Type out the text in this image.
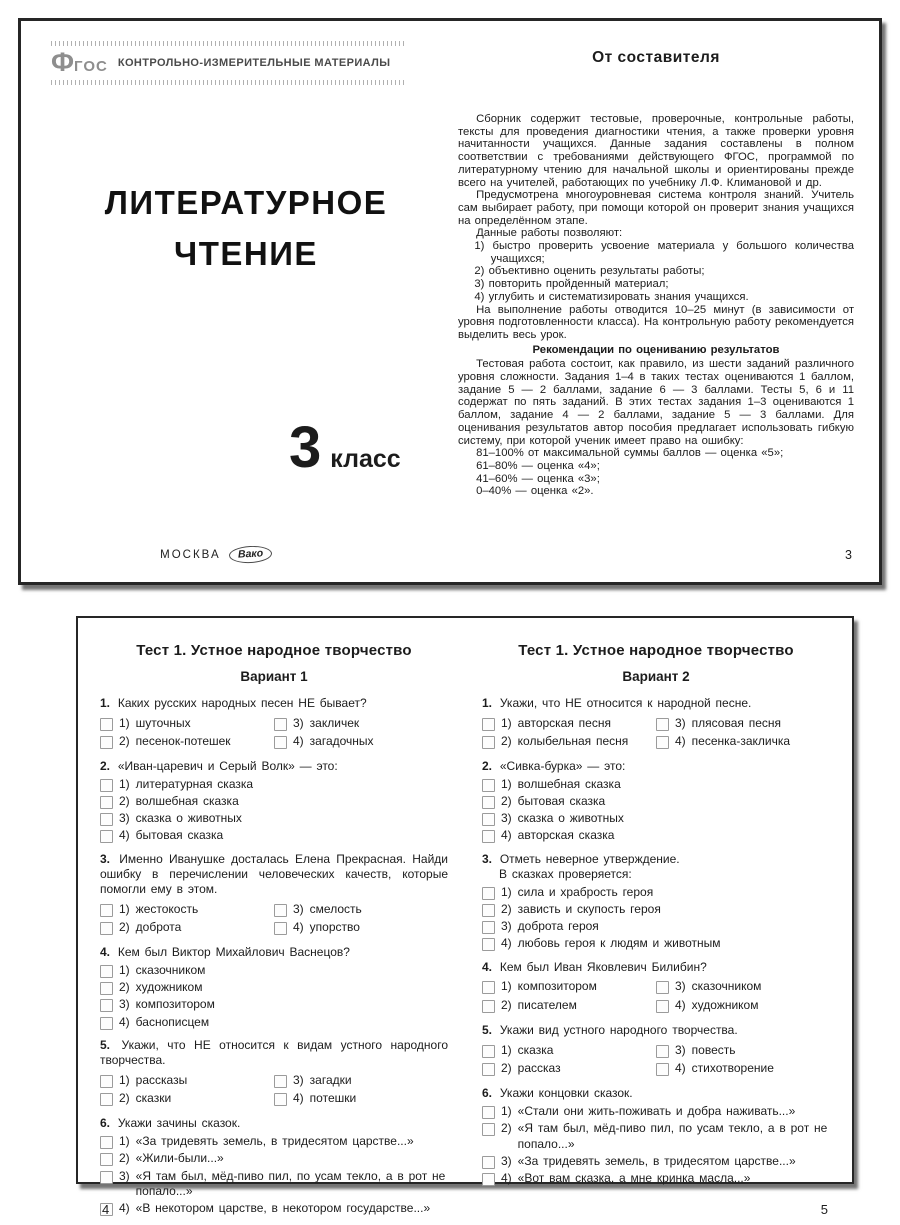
ФГОС КОНТРОЛЬНО-ИЗМЕРИТЕЛЬНЫЕ МАТЕРИАЛЫ
ЛИТЕРАТУРНОЕ
ЧТЕНИЕ
3 класс
МОСКВА	Вако
От составителя
Сборник содержит тестовые, проверочные, контрольные работы, тексты для проведения диагностики чтения, а также проверки уровня начитанности учащихся. Данные задания составлены в полном соответствии с требованиями действующего ФГОС, программой по литературному чтению для начальной школы и ориентированы прежде всего на учителей, работающих по учебнику Л.Ф. Климановой и др.
Предусмотрена многоуровневая система контроля знаний. Учитель сам выбирает работу, при помощи которой он проверит знания учащихся на определённом этапе.
Данные работы позволяют:
1) быстро проверить усвоение материала у большого количества учащихся;
2) объективно оценить результаты работы;
3) повторить пройденный материал;
4) углубить и систематизировать знания учащихся.
На выполнение работы отводится 10–25 минут (в зависимости от уровня подготовленности класса). На контрольную работу рекомендуется выделить весь урок.
Рекомендации по оцениванию результатов
Тестовая работа состоит, как правило, из шести заданий различного уровня сложности. Задания 1–4 в таких тестах оцениваются 1 баллом, задание 5 — 2 баллами, задание 6 — 3 баллами. Тесты 5, 6 и 11 содержат по пять заданий. В этих тестах задания 1–3 оцениваются 1 баллом, задание 4 — 2 баллами, задание 5 — 3 баллами. Для оценивания результатов автор пособия предлагает использовать гибкую систему, при которой ученик имеет право на ошибку:
81–100% от максимальной суммы баллов — оценка «5»;
61–80% — оценка «4»;
41–60% — оценка «3»;
0–40% — оценка «2».
3
Тест 1. Устное народное творчество
Вариант 1
1. Каких русских народных песен НЕ бывает?
1) шуточных
2) песенок-потешек
3) закличек
4) загадочных
2. «Иван-царевич и Серый Волк» — это:
1) литературная сказка
2) волшебная сказка
3) сказка о животных
4) бытовая сказка
3. Именно Иванушке досталась Елена Прекрасная. Найди ошибку в перечислении человеческих качеств, которые помогли ему в этом.
1) жестокость
2) доброта
3) смелость
4) упорство
4. Кем был Виктор Михайлович Васнецов?
1) сказочником
2) художником
3) композитором
4) баснописцем
5. Укажи, что НЕ относится к видам устного народного творчества.
1) рассказы
2) сказки
3) загадки
4) потешки
6. Укажи зачины сказок.
1) «За тридевять земель, в тридесятом царстве...»
2) «Жили-были...»
3) «Я там был, мёд-пиво пил, по усам текло, а в рот не попало...»
4) «В некотором царстве, в некотором государстве...»
4
Тест 1. Устное народное творчество
Вариант 2
1. Укажи, что НЕ относится к народной песне.
1) авторская песня
2) колыбельная песня
3) плясовая песня
4) песенка-закличка
2. «Сивка-бурка» — это:
1) волшебная сказка
2) бытовая сказка
3) сказка о животных
4) авторская сказка
3. Отметь неверное утверждение.
В сказках проверяется:
1) сила и храбрость героя
2) зависть и скупость героя
3) доброта героя
4) любовь героя к людям и животным
4. Кем был Иван Яковлевич Билибин?
1) композитором
2) писателем
3) сказочником
4) художником
5. Укажи вид устного народного творчества.
1) сказка
2) рассказ
3) повесть
4) стихотворение
6. Укажи концовки сказок.
1) «Стали они жить-поживать и добра наживать...»
2) «Я там был, мёд-пиво пил, по усам текло, а в рот не попало...»
3) «За тридевять земель, в тридесятом царстве...»
4) «Вот вам сказка, а мне кринка масла...»
5
